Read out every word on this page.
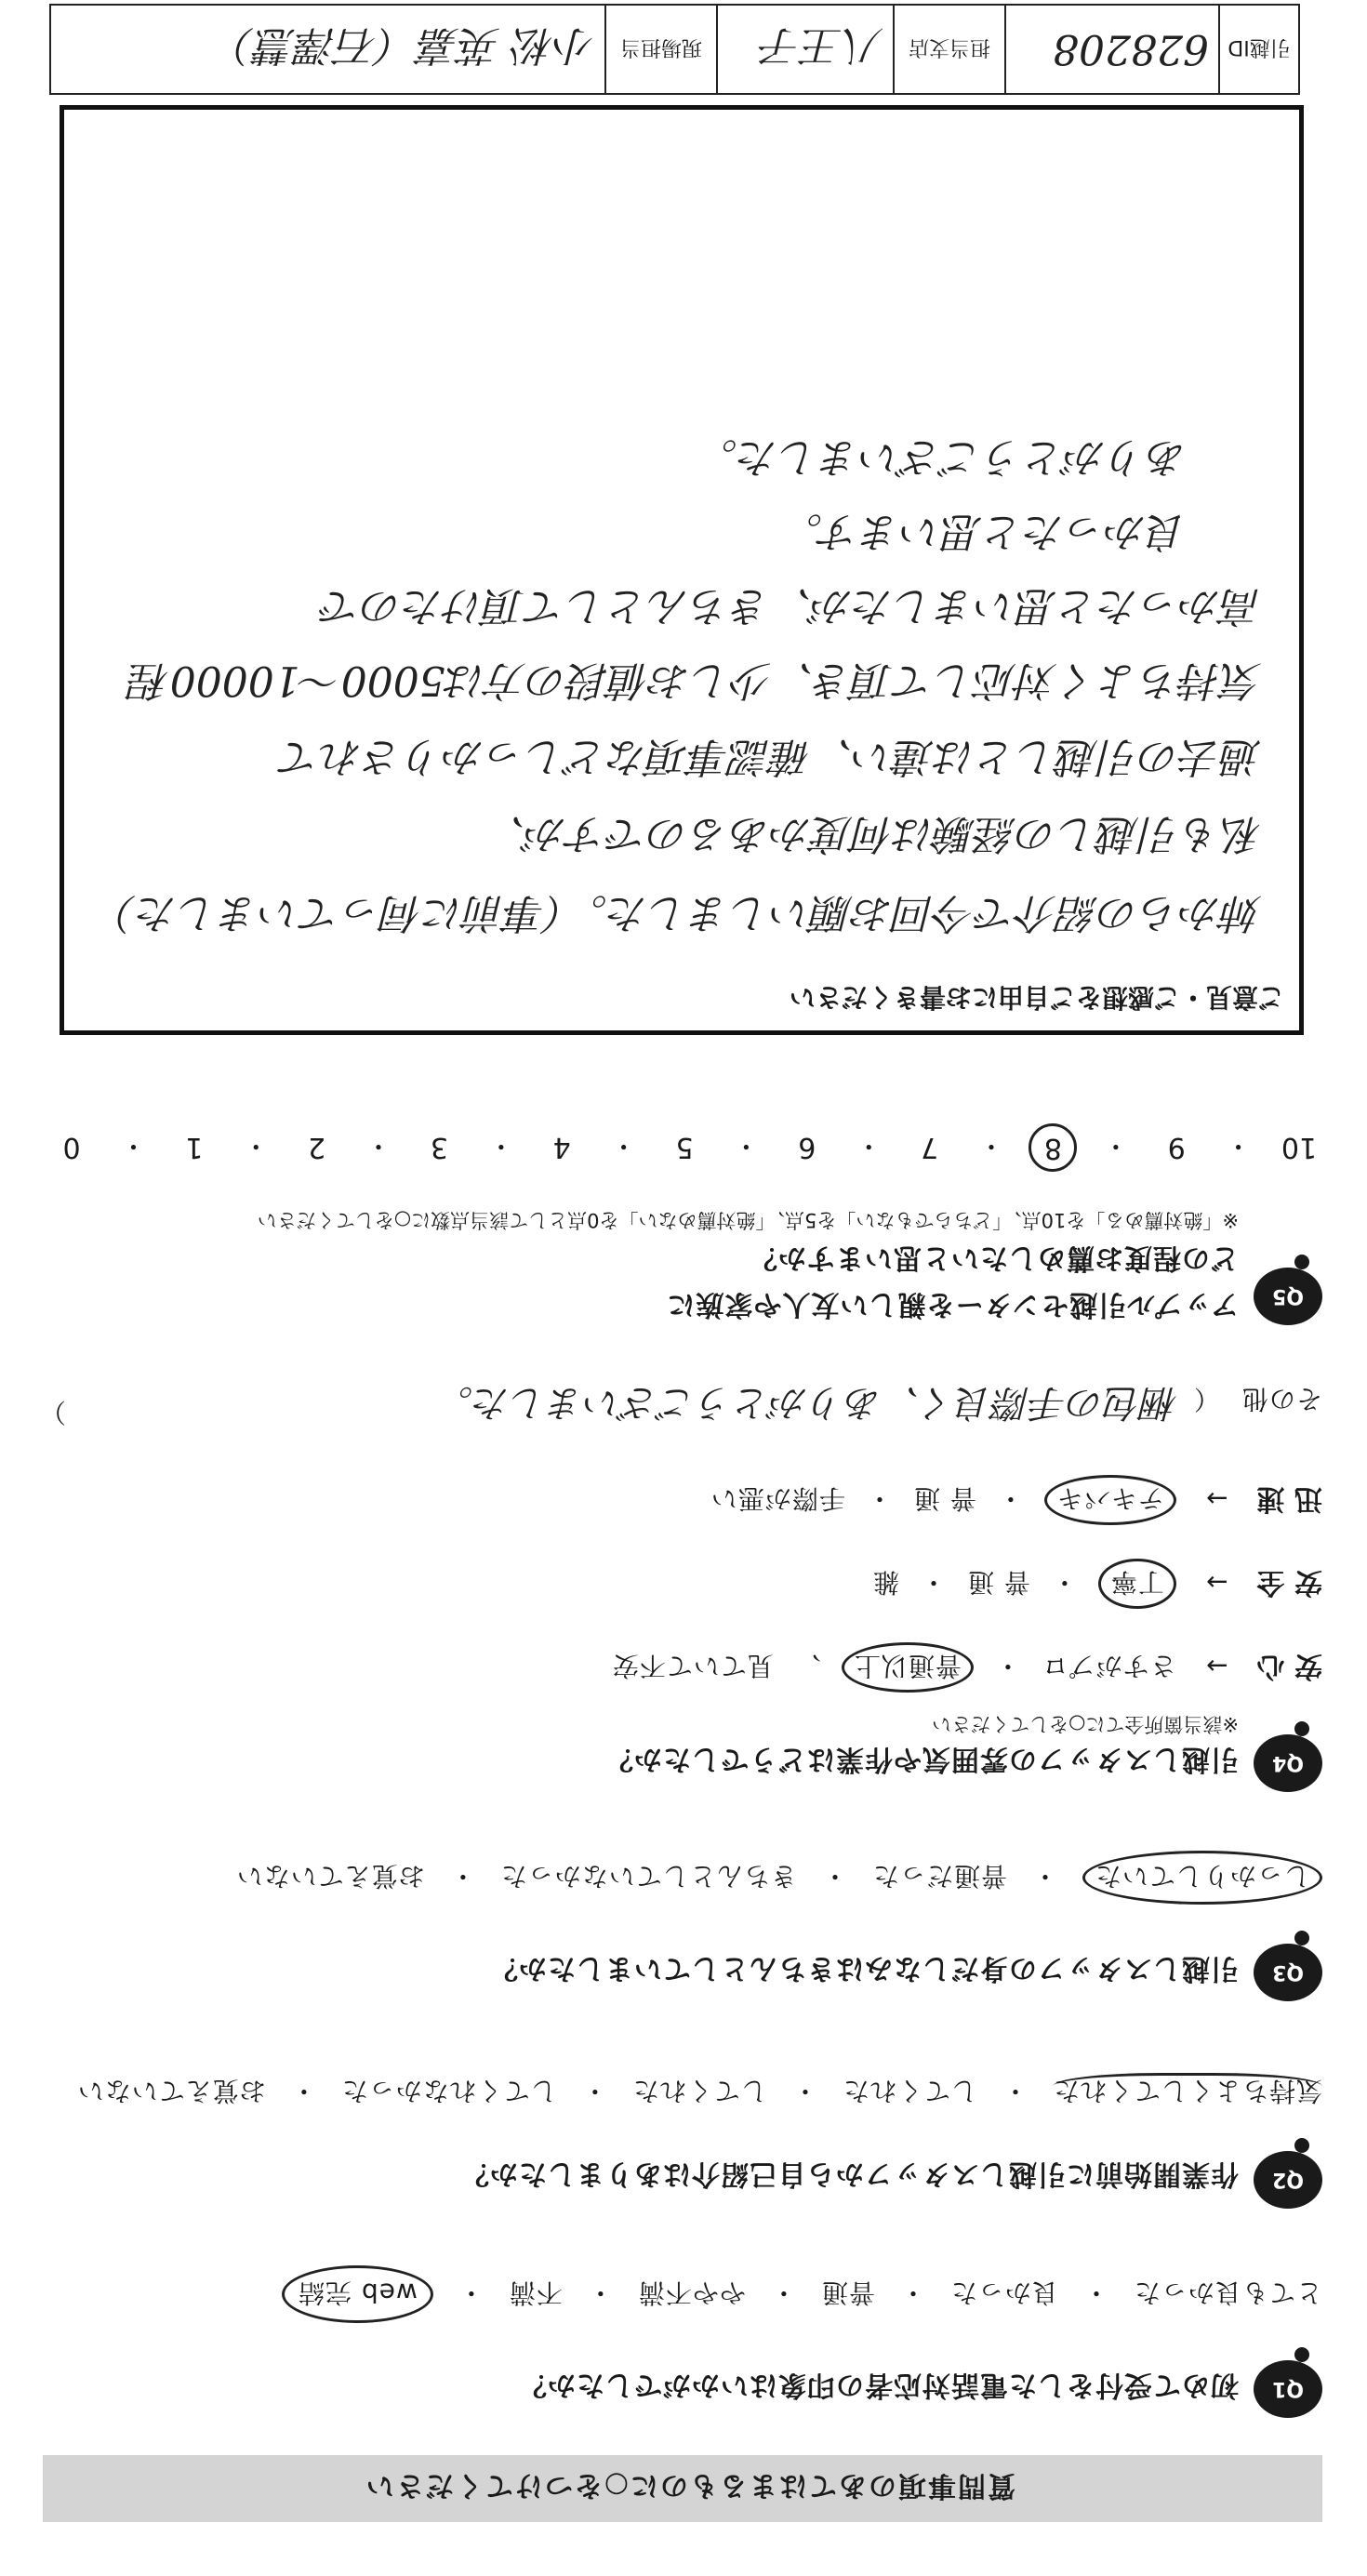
質問事項のあてはまるものに○をつけてください
Q1
初めて受付をした電話対応者の印象はいかがでしたか？
とても良かった・良かった・普通・やや不満・不満・web 完結
Q2
作業開始前に引越しスタッフから自己紹介はありましたか？
気持ちよくしてくれた・してくれた・してくれた・してくれなかった・お覚えていない
Q3
引越しスタッフの身だしなみはきちんとしていましたか？
しっかりしていた・普通だった・きちんとしていなかった・お覚えていない
Q4
引越しスタッフの雰囲気や作業はどうでしたか？
※該当箇所全てに○をしてください
安 心 → さすがプロ・普通以上、見ていて不安
安 全 → 丁寧・普 通・雑
迅 速 → テキパキ・普 通・手際が悪い
その他 （ 梱包の手際良く、ありがとうございました。
）
Q5
アップル引越センターを親しい友人や家族に
どの程度お薦めしたいと思いますか？
※「絶対薦める」を10点、「どちらでもない」を5点、「絶対薦めない」を0点として該当点数に○をしてください
10
・
9
・
8
・
7
・
6
・
5
・
4
・
3
・
2
・
1
・
0
ご意見・ご感想をご自由にお書きください
姉からの紹介で今回お願いしました。（事前に伺っていました）
私も引越しの経験は何度かあるのですが、
過去の引越しとは違い、確認事項などしっかりされて
気持ちよく対応して頂き、少しお値段の方は5000〜10000程
高かったと思いましたが、きちんとして頂けたので
良かったと思います。
ありがとうございました。
引越ID
628208
担当支店
八王子
現場担当
小松 英嘉（石澤慧）
